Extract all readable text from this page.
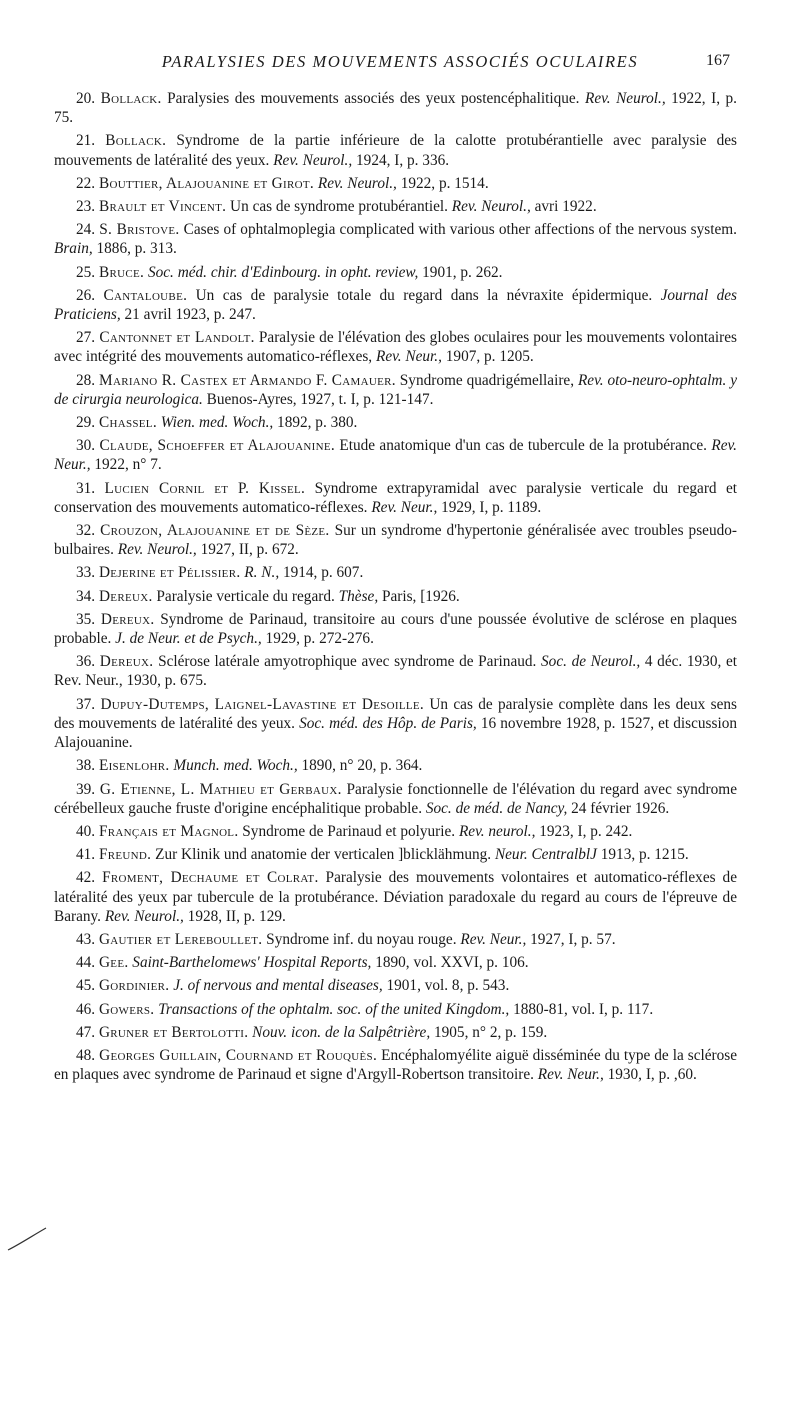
PARALYSIES DES MOUVEMENTS ASSOCIÉS OCULAIRES	167

20. Bollack. Paralysies des mouvements associés des yeux postencéphalitique. Rev. Neurol., 1922, I, p. 75.

21. Bollack. Syndrome de la partie inférieure de la calotte protubérantielle avec paralysie des mouvements de latéralité des yeux. Rev. Neurol., 1924, I, p. 336.

22. Bouttier, Alajouanine et Girot. Rev. Neurol., 1922, p. 1514.

23. Brault et Vincent. Un cas de syndrome protubérantiel. Rev. Neurol., avri 1922.

24. S. Bristove. Cases of ophtalmoplegia complicated with various other affections of the nervous system. Brain, 1886, p. 313.

25. Bruce. Soc. méd. chir. d'Edinbourg. in opht. review, 1901, p. 262.

26. Cantaloube. Un cas de paralysie totale du regard dans la névraxite épidermique. Journal des Praticiens, 21 avril 1923, p. 247.

27. Cantonnet et Landolt. Paralysie de l'élévation des globes oculaires pour les mouvements volontaires avec intégrité des mouvements automatico-réflexes, Rev. Neur., 1907, p. 1205.

28. Mariano R. Castex et Armando F. Camauer. Syndrome quadrigémellaire, Rev. oto-neuro-ophtalm. y de cirurgia neurologica. Buenos-Ayres, 1927, t. I, p. 121-147.

29. Chassel. Wien. med. Woch., 1892, p. 380.

30. Claude, Schoeffer et Alajouanine. Etude anatomique d'un cas de tubercule de la protubérance. Rev. Neur., 1922, n° 7.

31. Lucien Cornil et P. Kissel. Syndrome extrapyramidal avec paralysie verticale du regard et conservation des mouvements automatico-réflexes. Rev. Neur., 1929, I, p. 1189.

32. Crouzon, Alajouanine et de Sèze. Sur un syndrome d'hypertonie généralisée avec troubles pseudo-bulbaires. Rev. Neurol., 1927, II, p. 672.

33. Dejerine et Pélissier. R. N., 1914, p. 607.

34. Dereux. Paralysie verticale du regard. Thèse, Paris, [1926.

35. Dereux. Syndrome de Parinaud, transitoire au cours d'une poussée évolutive de sclérose en plaques probable. J. de Neur. et de Psych., 1929, p. 272-276.

36. Dereux. Sclérose latérale amyotrophique avec syndrome de Parinaud. Soc. de Neurol., 4 déc. 1930, et Rev. Neur., 1930, p. 675.

37. Dupuy-Dutemps, Laignel-Lavastine et Desoille. Un cas de paralysie complète dans les deux sens des mouvements de latéralité des yeux. Soc. méd. des Hôp. de Paris, 16 novembre 1928, p. 1527, et discussion Alajouanine.

38. Eisenlohr. Munch. med. Woch., 1890, n° 20, p. 364.

39. G. Etienne, L. Mathieu et Gerbaux. Paralysie fonctionnelle de l'élévation du regard avec syndrome cérébelleux gauche fruste d'origine encéphalitique probable. Soc. de méd. de Nancy, 24 février 1926.

40. Français et Magnol. Syndrome de Parinaud et polyurie. Rev. neurol., 1923, I, p. 242.

41. Freund. Zur Klinik und anatomie der verticalen ]blicklähmung. Neur. CentralblJ 1913, p. 1215.

42. Froment, Dechaume et Colrat. Paralysie des mouvements volontaires et automatico-réflexes de latéralité des yeux par tubercule de la protubérance. Déviation paradoxale du regard au cours de l'épreuve de Barany. Rev. Neurol., 1928, II, p. 129.

43. Gautier et Lereboullet. Syndrome inf. du noyau rouge. Rev. Neur., 1927, I, p. 57.

44. Gee. Saint-Barthelomews' Hospital Reports, 1890, vol. XXVI, p. 106.

45. Gordinier. J. of nervous and mental diseases, 1901, vol. 8, p. 543.

46. Gowers. Transactions of the ophtalm. soc. of the united Kingdom., 1880-81, vol. I, p. 117.

47. Gruner et Bertolotti. Nouv. icon. de la Salpêtrière, 1905, n° 2, p. 159.

48. Georges Guillain, Cournand et Rouquès. Encéphalomyélite aiguë disséminée du type de la sclérose en plaques avec syndrome de Parinaud et signe d'Argyll-Robertson transitoire. Rev. Neur., 1930, I, p. ,60.
